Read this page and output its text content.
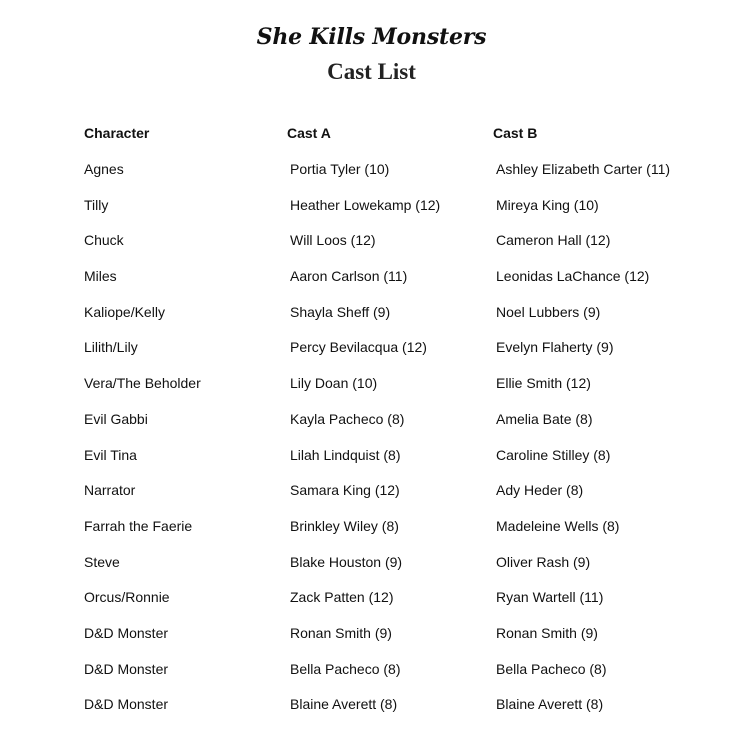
She Kills Monsters
Cast List

Character

Agnes
Tilly
Chuck
Miles
Kaliope/Kelly
Lilith/Lily
Vera/The Beholder
Evil Gabbi
Evil Tina
Narrator
Farrah the Faerie
Steve
Orcus/Ronnie
D&D Monster
D&D Monster
D&D Monster

Cast A

Portia Tyler (10)
Heather Lowekamp (12)
Will Loos (12)
Aaron Carlson (11)
Shayla Sheff (9)
Percy Bevilacqua (12)
Lily Doan (10)
Kayla Pacheco (8)
Lilah Lindquist (8)
Samara King (12)
Brinkley Wiley (8)
Blake Houston (9)
Zack Patten (12)
Ronan Smith (9)
Bella Pacheco (8)
Blaine Averett (8)

Cast B

Ashley Elizabeth Carter (11)
Mireya King (10)
Cameron Hall (12)
Leonidas LaChance (12)
Noel Lubbers (9)
Evelyn Flaherty (9)
Ellie Smith (12)
Amelia Bate (8)
Caroline Stilley (8)
Ady Heder (8)
Madeleine Wells (8)
Oliver Rash (9)
Ryan Wartell (11)
Ronan Smith (9)
Bella Pacheco (8)
Blaine Averett (8)
